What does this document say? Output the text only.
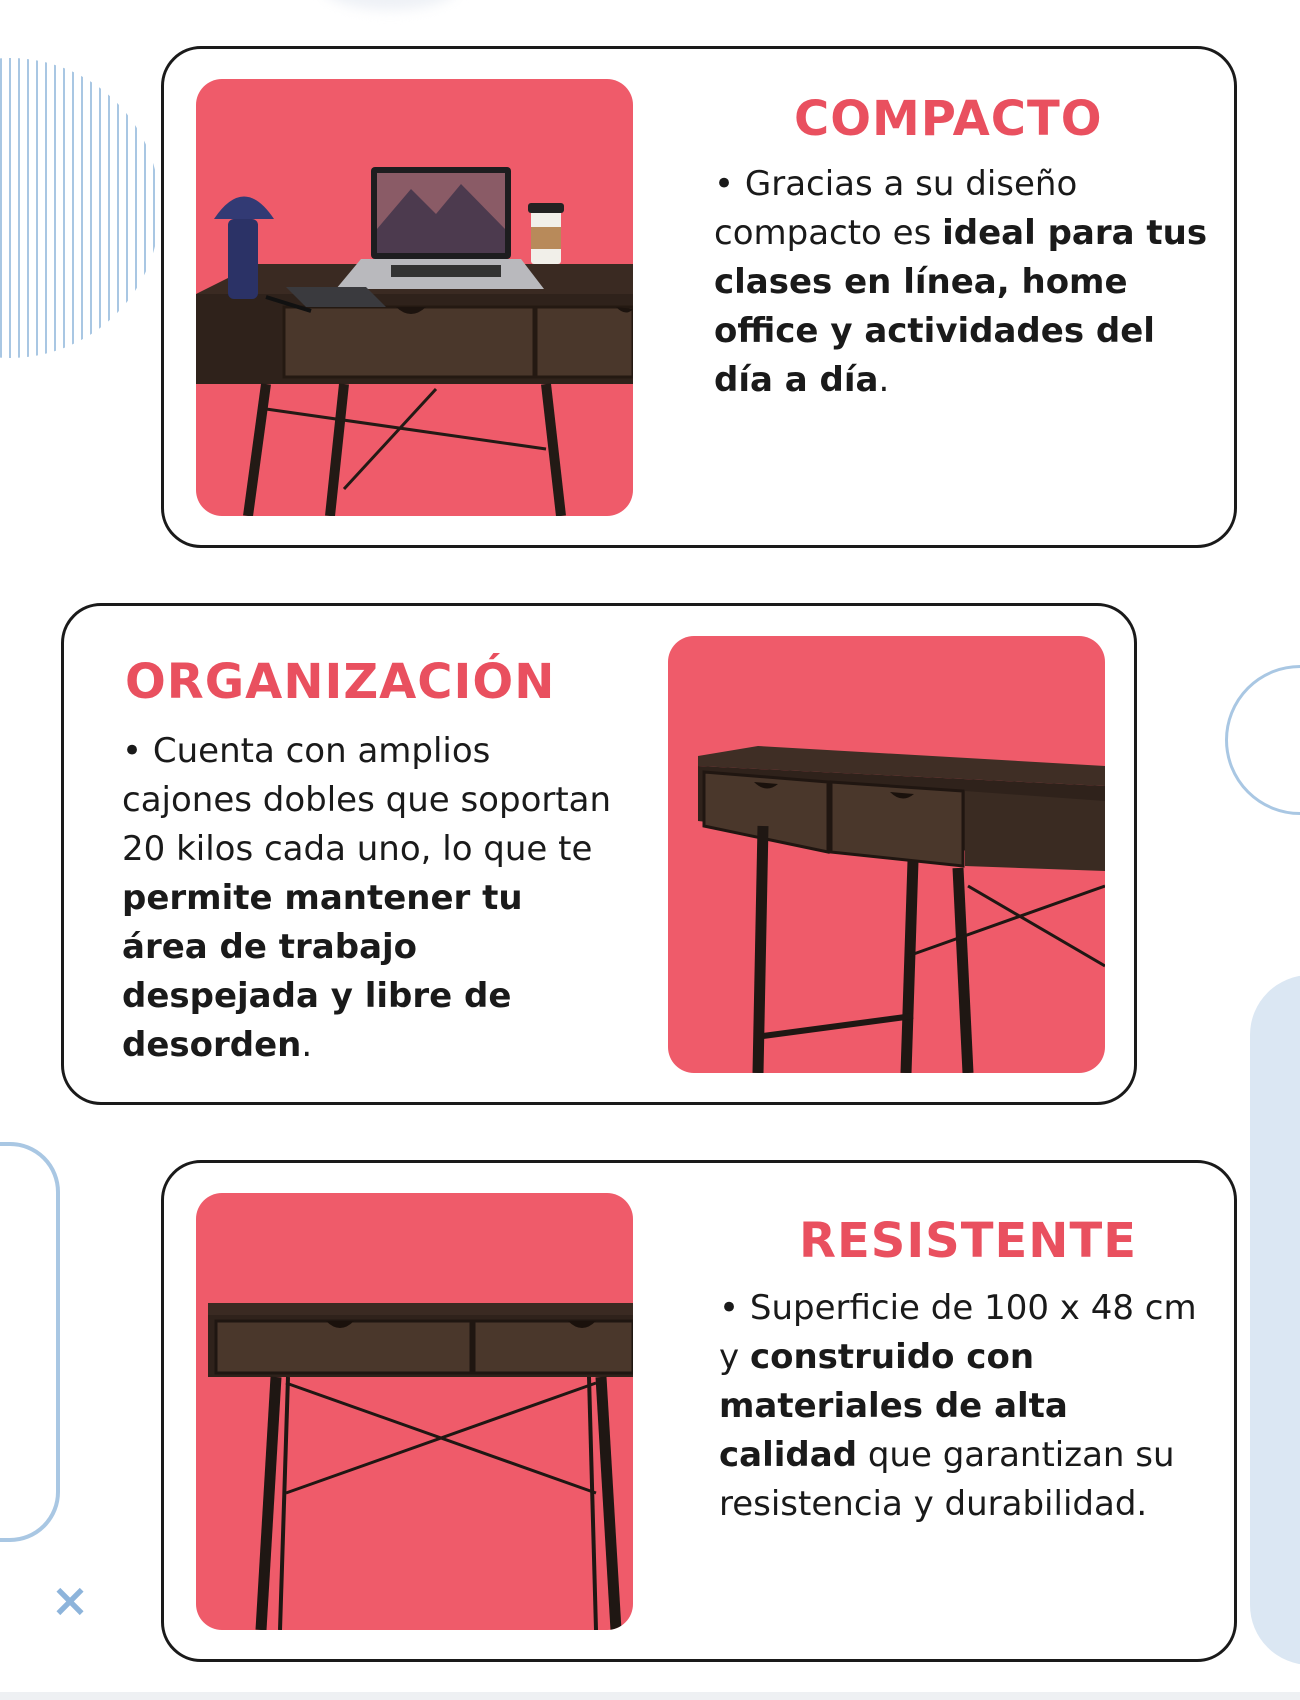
×
COMPACTO

• Gracias a su diseño compacto es ideal para tus clases en línea, home office y actividades del día a día.

ORGANIZACIÓN

• Cuenta con amplios cajones dobles que soportan 20 kilos cada uno, lo que te permite mantener tu área de trabajo despejada y libre de desorden.

RESISTENTE

• Superficie de 100 x 48 cm y construido con materiales de alta calidad que garantizan su resistencia y durabilidad.
